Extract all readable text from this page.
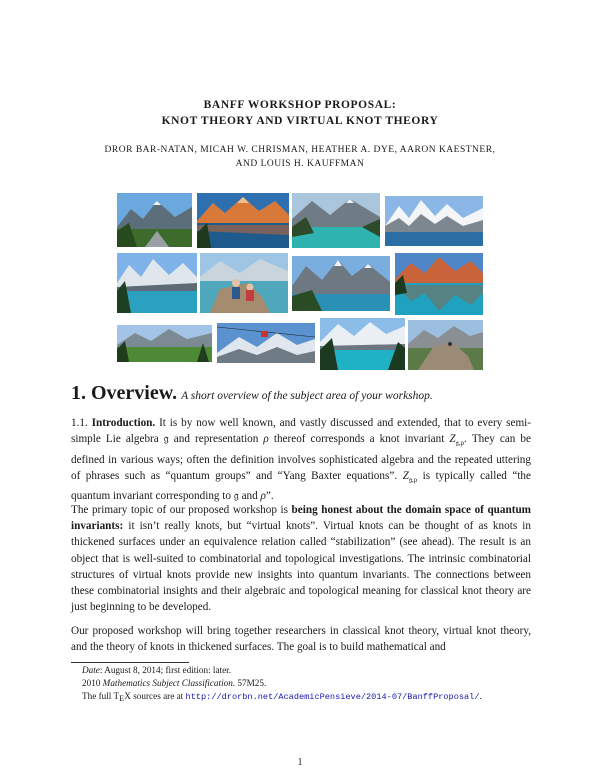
BANFF WORKSHOP PROPOSAL:
KNOT THEORY AND VIRTUAL KNOT THEORY
DROR BAR-NATAN, MICAH W. CHRISMAN, HEATHER A. DYE, AARON KAESTNER,
AND LOUIS H. KAUFFMAN
1. Overview. A short overview of the subject area of your workshop.

1.1. Introduction. It is by now well known, and vastly discussed and extended, that to every semi-simple Lie algebra 𝔤 and representation ρ thereof corresponds a knot invariant $Z_{𝔤,\rho}$. They can be defined in various ways; often the definition involves sophisticated algebra and the repeated uttering of phrases such as “quantum groups” and “Yang Baxter equations”. $Z_{𝔤,\rho}$ is typically called “the quantum invariant corresponding to 𝔤 and ρ”.

The primary topic of our proposed workshop is being honest about the domain space of quantum invariants: it isn’t really knots, but “virtual knots”. Virtual knots can be thought of as knots in thickened surfaces under an equivalence relation called “stabilization” (see ahead). The result is an object that is well-suited to combinatorial and topological investigations. The intrinsic combinatorial structures of virtual knots provide new insights into quantum invariants. The connections between these combinatorial insights and their algebraic and topological meaning for classical knot theory are just beginning to be developed.

Our proposed workshop will bring together researchers in classical knot theory, virtual knot theory, and the theory of knots in thickened surfaces. The goal is to build mathematical and

Date: August 8, 2014; first edition: later.
2010 Mathematics Subject Classification. 57M25.
The full TEX sources are at http://drorbn.net/AcademicPensieve/2014-07/BanffProposal/.
1
